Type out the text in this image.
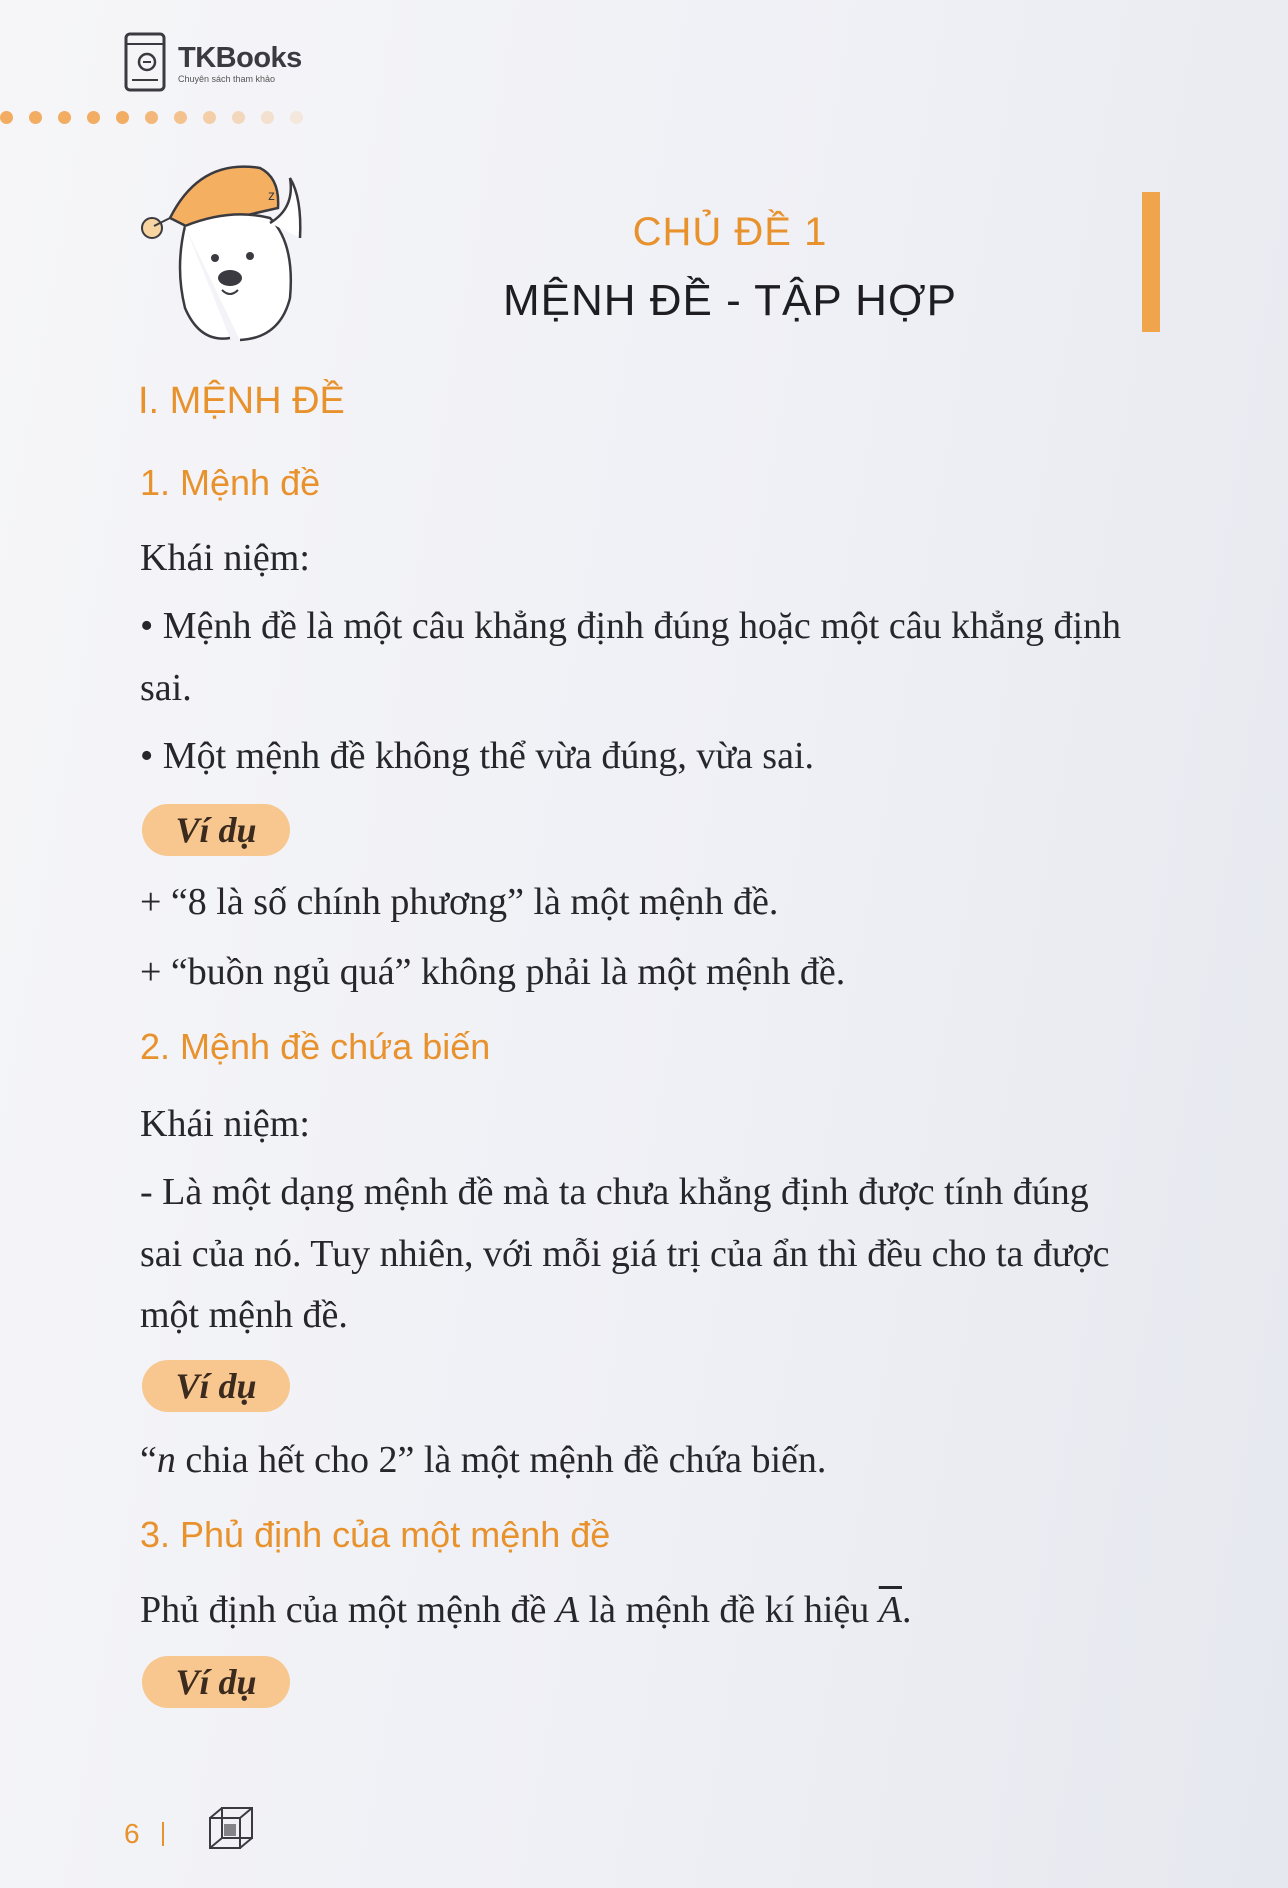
TKBooks
Chuyên sách tham khảo
z
CHỦ ĐỀ 1
MỆNH ĐỀ - TẬP HỢP
I. MỆNH ĐỀ
1. Mệnh đề
Khái niệm:
• Mệnh đề là một câu khẳng định đúng hoặc một câu khẳng định
sai.
• Một mệnh đề không thể vừa đúng, vừa sai.
Ví dụ
+ “8 là số chính phương” là một mệnh đề.
+ “buồn ngủ quá” không phải là một mệnh đề.
2. Mệnh đề chứa biến
Khái niệm:
- Là một dạng mệnh đề mà ta chưa khẳng định được tính đúng
sai của nó. Tuy nhiên, với mỗi giá trị của ẩn thì đều cho ta được
một mệnh đề.
Ví dụ
“n chia hết cho 2” là một mệnh đề chứa biến.
3. Phủ định của một mệnh đề
Phủ định của một mệnh đề A là mệnh đề kí hiệu $\overline{A}$.
Ví dụ
6
